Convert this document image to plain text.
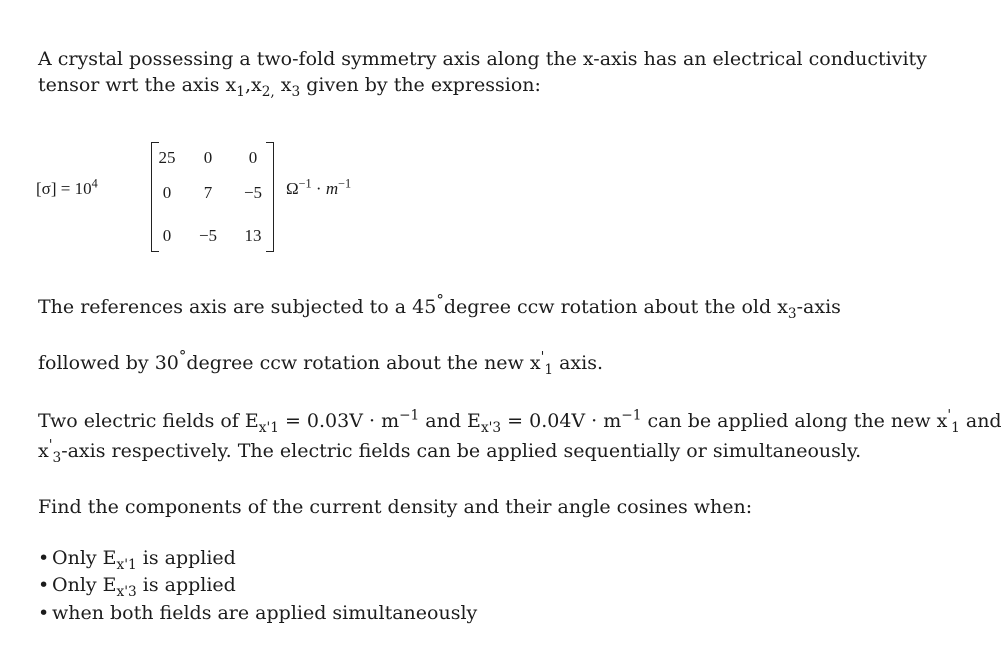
A crystal possessing a two-fold symmetry axis along the x-axis has an electrical conductivity
tensor wrt the axis $x_1,x_{2,}$ $x_3$ given by the expression:
$[\sigma] = 10^4$
25	0	0
0	7	−5
0	−5	13
$\Omega^{-1} \cdot m^{-1}$
The references axis are subjected to a 45°degree ccw rotation about the old $x_3$-axis
followed by 30°degree ccw rotation about the new $x'_1$ axis.
Two electric fields of $E_{x'1} = 0.03V \cdot m^{-1}$ and $E_{x'3} = 0.04V \cdot m^{-1}$ can be applied along the new $x'_1$ and
$x'_3$-axis respectively. The electric fields can be applied sequentially or simultaneously.
Find the components of the current density and their angle cosines when:
• Only $E_{x'1}$ is applied
• Only $E_{x'3}$ is applied
• when both fields are applied simultaneously
